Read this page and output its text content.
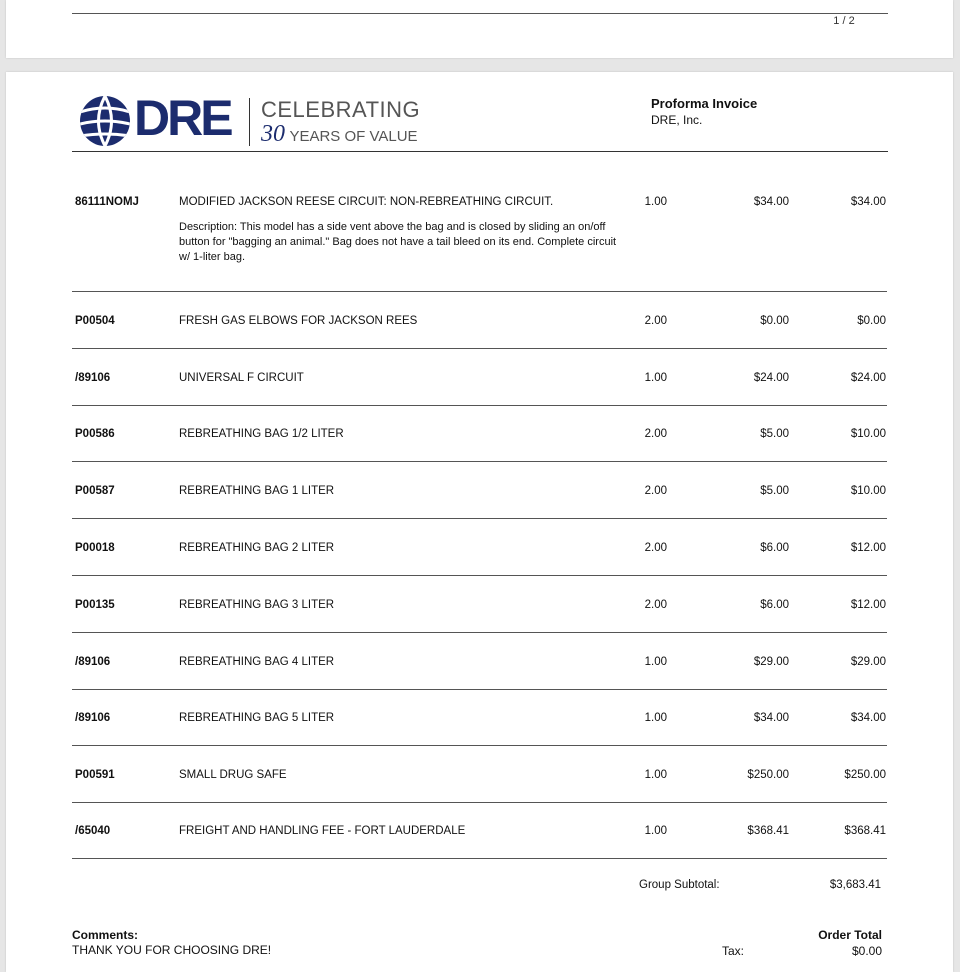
1 / 2
DRE CELEBRATING
30 YEARS OF VALUE
Proforma Invoice
DRE, Inc.
86111NOMJ	MODIFIED JACKSON REESE CIRCUIT: NON-REBREATHING CIRCUIT.	1.00	$34.00	$34.00
Description: This model has a side vent above the bag and is closed by sliding an on/off button for "bagging an animal." Bag does not have a tail bleed on its end. Complete circuit w/ 1-liter bag.
P00504	FRESH GAS ELBOWS FOR JACKSON REES	2.00	$0.00	$0.00
/89106	UNIVERSAL F CIRCUIT	1.00	$24.00	$24.00
P00586	REBREATHING BAG 1/2 LITER	2.00	$5.00	$10.00
P00587	REBREATHING BAG 1 LITER	2.00	$5.00	$10.00
P00018	REBREATHING BAG 2 LITER	2.00	$6.00	$12.00
P00135	REBREATHING BAG 3 LITER	2.00	$6.00	$12.00
/89106	REBREATHING BAG 4 LITER	1.00	$29.00	$29.00
/89106	REBREATHING BAG 5 LITER	1.00	$34.00	$34.00
P00591	SMALL DRUG SAFE	1.00	$250.00	$250.00
/65040	FREIGHT AND HANDLING FEE - FORT LAUDERDALE	1.00	$368.41	$368.41
Group Subtotal:	$3,683.41
Comments:
THANK YOU FOR CHOOSING DRE!
Order Total
Tax:	$0.00
